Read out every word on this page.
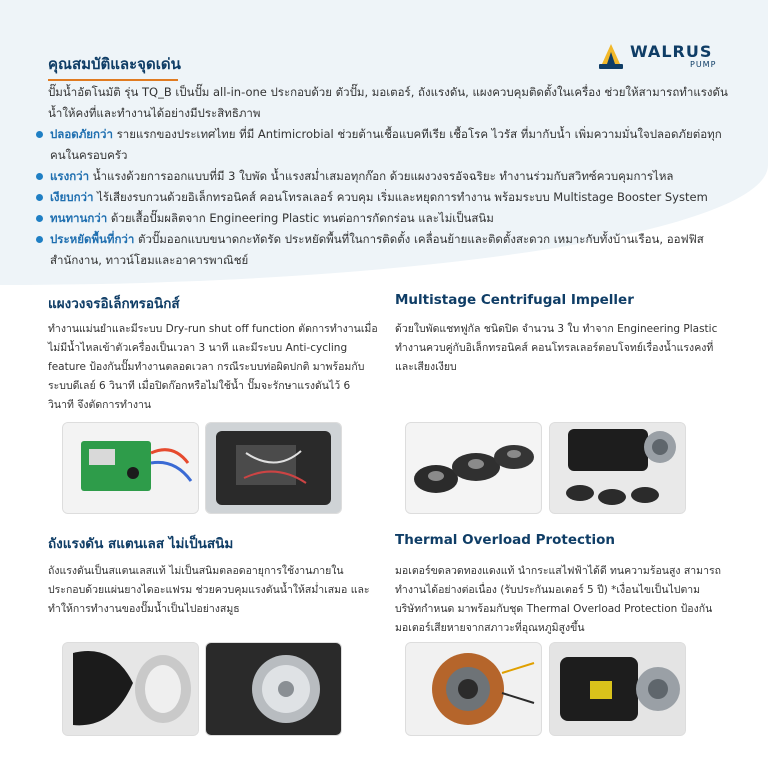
คุณสมบัติและจุดเด่น
WALRUS
PUMP
ปั๊มน้ำอัตโนมัติ รุ่น TQ_B เป็นปั๊ม all-in-one ประกอบด้วย ตัวปั๊ม, มอเตอร์, ถังแรงดัน, แผงควบคุมติดตั้งในเครื่อง ช่วยให้สามารถทำแรงดันน้ำให้คงที่และทำงานได้อย่างมีประสิทธิภาพ
ปลอดภัยกว่า รายแรกของประเทศไทย ที่มี Antimicrobial ช่วยต้านเชื้อแบคทีเรีย เชื้อโรค ไวรัส ที่มากับน้ำ เพิ่มความมั่นใจปลอดภัยต่อทุกคนในครอบครัว
แรงกว่า น้ำแรงด้วยการออกแบบที่มี 3 ใบพัด น้ำแรงสม่ำเสมอทุกก๊อก ด้วยแผงวงจรอัจฉริยะ ทำงานร่วมกับสวิทซ์ควบคุมการไหล
เงียบกว่า ไร้เสียงรบกวนด้วยอิเล็กทรอนิคส์ คอนโทรลเลอร์ ควบคุม เริ่มและหยุดการทำงาน พร้อมระบบ Multistage Booster System
ทนทานกว่า ด้วยเสื้อปั๊มผลิตจาก Engineering Plastic ทนต่อการกัดกร่อน และไม่เป็นสนิม
ประหยัดพื้นที่กว่า ตัวปั๊มออกแบบขนาดกะทัดรัด ประหยัดพื้นที่ในการติดตั้ง เคลื่อนย้ายและติดตั้งสะดวก เหมาะกับทั้งบ้านเรือน, ออฟฟิส สำนักงาน, ทาวน์โฮมและอาคารพาณิชย์
แผงวงจรอิเล็กทรอนิกส์
ทำงานแม่นยำและมีระบบ Dry-run shut off function ตัดการทำงานเมื่อไม่มีน้ำไหลเข้าตัวเครื่องเป็นเวลา 3 นาที และมีระบบ Anti-cycling feature ป้องกันปั๊มทำงานตลอดเวลา กรณีระบบท่อผิดปกติ มาพร้อมกับระบบดีเลย์ 6 วินาที เมื่อปิดก๊อกหรือไม่ใช้น้ำ ปั๊มจะรักษาแรงดันไว้ 6 วินาที จึงตัดการทำงาน
Multistage Centrifugal Impeller
ด้วยใบพัดแชทฟูกัล ชนิดปิด จำนวน 3 ใบ ทำจาก Engineering Plastic ทำงานควบคู่กับอิเล็กทรอนิคส์ คอนโทรลเลอร์ตอบโจทย์เรื่องน้ำแรงคงที่และเสียงเงียบ
ถังแรงดัน สแตนเลส ไม่เป็นสนิม
ถังแรงดันเป็นสแตนเลสแท้ ไม่เป็นสนิมตลอดอายุการใช้งานภายในประกอบด้วยแผ่นยางไดอะแฟรม ช่วยควบคุมแรงดันน้ำให้สม่ำเสมอ และทำให้การทำงานของปั๊มน้ำเป็นไปอย่างสมูธ
Thermal Overload Protection
มอเตอร์ขดลวดทองแดงแท้ นำกระแสไฟฟ้าได้ดี ทนความร้อนสูง สามารถทำงานได้อย่างต่อเนื่อง (รับประกันมอเตอร์ 5 ปี) *เงื่อนไขเป็นไปตามบริษัทกำหนด มาพร้อมกับชุด Thermal Overload Protection ป้องกันมอเตอร์เสียหายจากสภาวะที่อุณหภูมิสูงขึ้น
